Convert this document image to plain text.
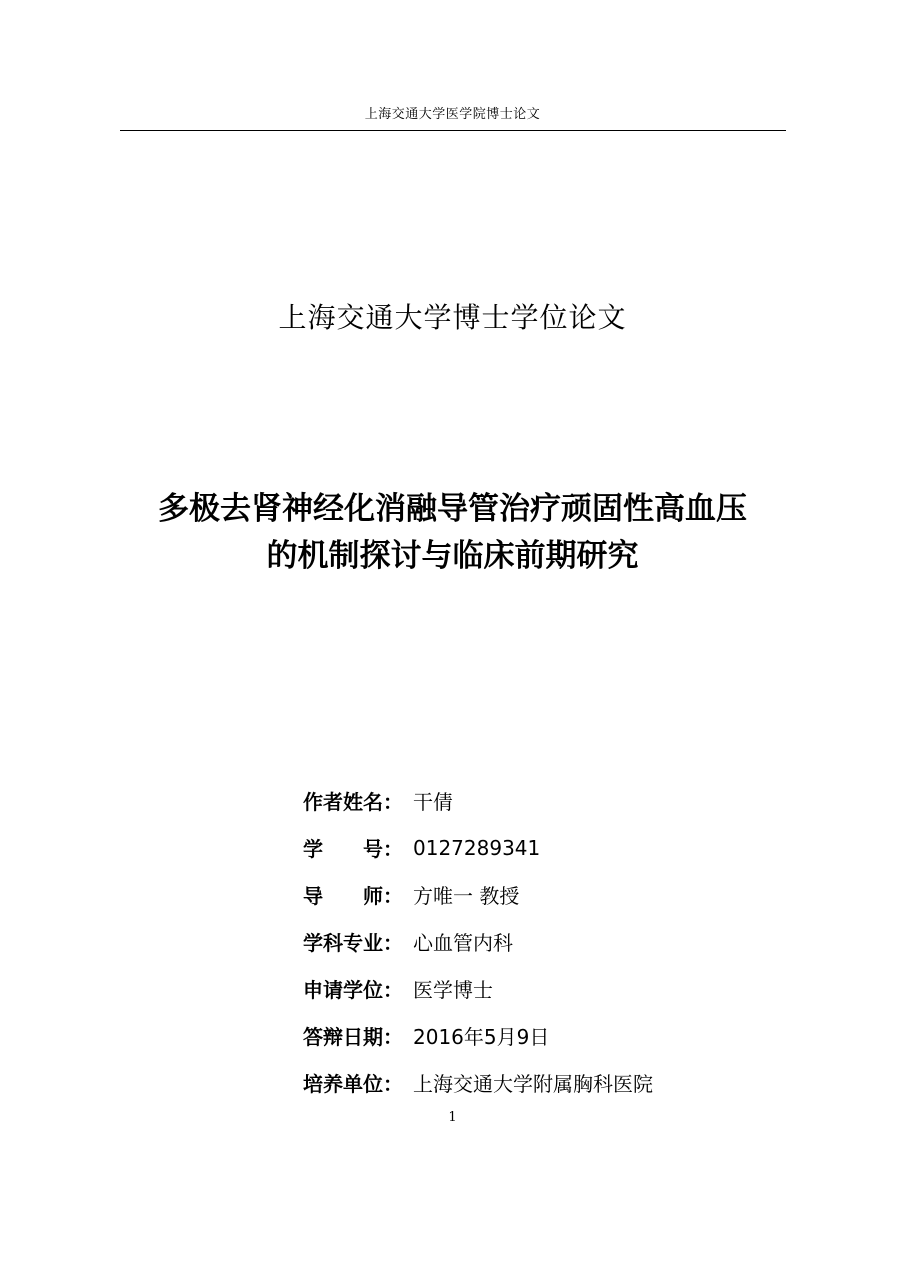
上海交通大学医学院博士论文
上海交通大学博士学位论文
多极去肾神经化消融导管治疗顽固性高血压
的机制探讨与临床前期研究
作者姓名： 干倩
学　　号： 0127289341
导　　师： 方唯一 教授
学科专业： 心血管内科
申请学位： 医学博士
答辩日期： 2016年5月9日
培养单位： 上海交通大学附属胸科医院
1
